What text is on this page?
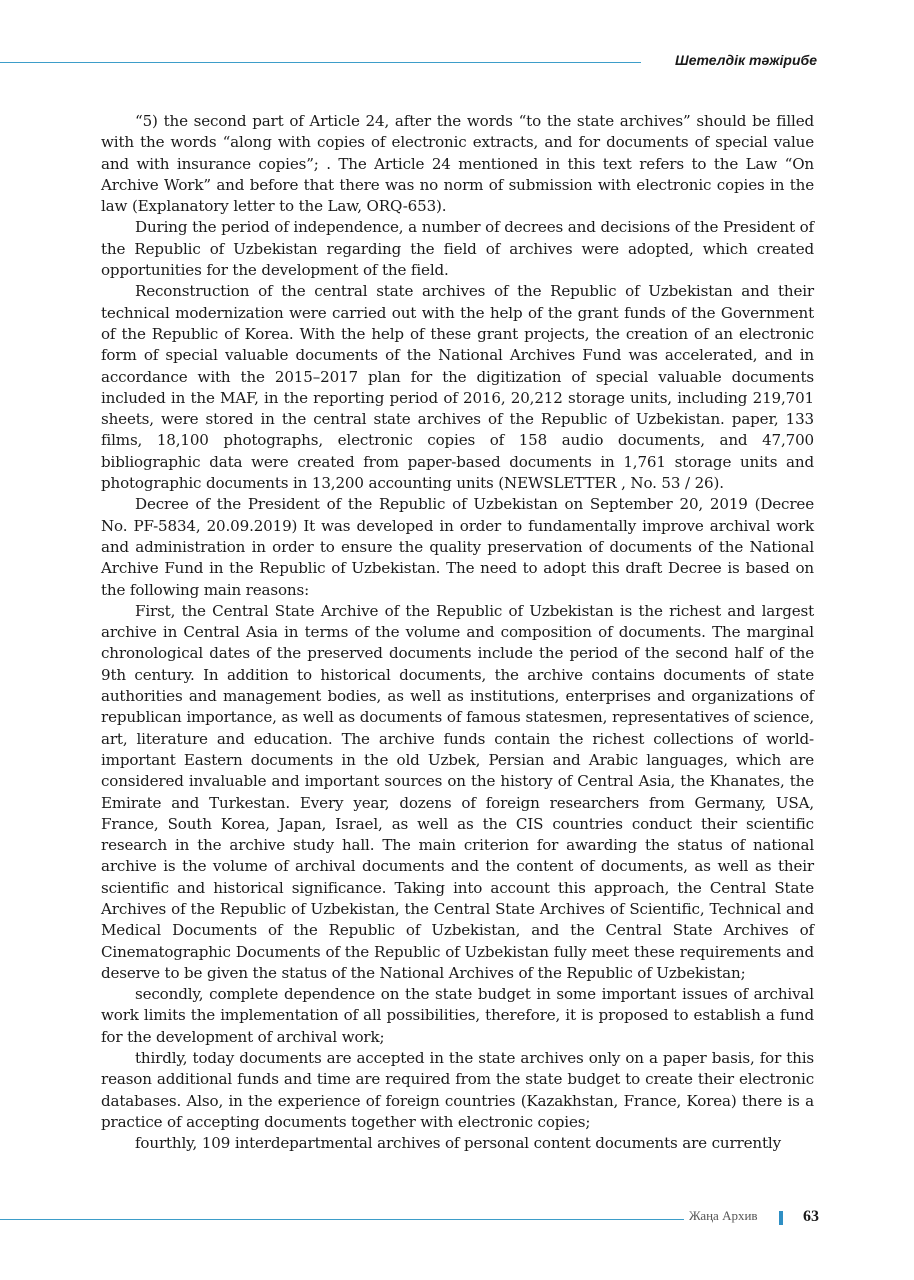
Шетелдік тәжірибе

“5) the second part of Article 24, after the words “to the state archives” should be filled with the words “along with copies of electronic extracts, and for documents of special value and with insurance copies”; . The Article 24 mentioned in this text refers to the Law “On Archive Work” and before that there was no norm of submission with electronic copies in the law (Explanatory letter to the Law, ORQ-653).

During the period of independence, a number of decrees and decisions of the President of the Republic of Uzbekistan regarding the field of archives were adopted, which created opportunities for the development of the field.

Reconstruction of the central state archives of the Republic of Uzbekistan and their technical modernization were carried out with the help of the grant funds of the Government of the Republic of Korea. With the help of these grant projects, the creation of an electronic form of special valuable documents of the National Archives Fund was accelerated, and in accordance with the 2015–2017 plan for the digitization of special valuable documents included in the MAF, in the reporting period of 2016, 20,212 storage units, including 219,701 sheets, were stored in the central state archives of the Republic of Uzbekistan. paper, 133 films, 18,100 photographs, electronic copies of 158 audio documents, and 47,700 bibliographic data were created from paper-based documents in 1,761 storage units and photographic documents in 13,200 accounting units (NEWSLETTER , No. 53 / 26).

Decree of the President of the Republic of Uzbekistan on September 20, 2019 (Decree No. PF-5834, 20.09.2019) It was developed in order to fundamentally improve archival work and administration in order to ensure the quality preservation of documents of the National Archive Fund in the Republic of Uzbekistan. The need to adopt this draft Decree is based on the following main reasons:

First, the Central State Archive of the Republic of Uzbekistan is the richest and largest archive in Central Asia in terms of the volume and composition of documents. The marginal chronological dates of the preserved documents include the period of the second half of the 9th century. In addition to historical documents, the archive contains documents of state authorities and management bodies, as well as institutions, enterprises and organizations of republican importance, as well as documents of famous statesmen, representatives of science, art, literature and education. The archive funds contain the richest collections of world-important Eastern documents in the old Uzbek, Persian and Arabic languages, which are considered invaluable and important sources on the history of Central Asia, the Khanates, the Emirate and Turkestan. Every year, dozens of foreign researchers from Germany, USA, France, South Korea, Japan, Israel, as well as the CIS countries conduct their scientific research in the archive study hall. The main criterion for awarding the status of national archive is the volume of archival documents and the content of documents, as well as their scientific and historical significance. Taking into account this approach, the Central State Archives of the Republic of Uzbekistan, the Central State Archives of Scientific, Technical and Medical Documents of the Republic of Uzbekistan, and the Central State Archives of Cinematographic Documents of the Republic of Uzbekistan fully meet these requirements and deserve to be given the status of the National Archives of the Republic of Uzbekistan;

secondly, complete dependence on the state budget in some important issues of archival work limits the implementation of all possibilities, therefore, it is proposed to establish a fund for the development of archival work;

thirdly, today documents are accepted in the state archives only on a paper basis, for this reason additional funds and time are required from the state budget to create their electronic databases. Also, in the experience of foreign countries (Kazakhstan, France, Korea) there is a practice of accepting documents together with electronic copies;

fourthly, 109 interdepartmental archives of personal content documents are currently

Жаңа Архив	63
